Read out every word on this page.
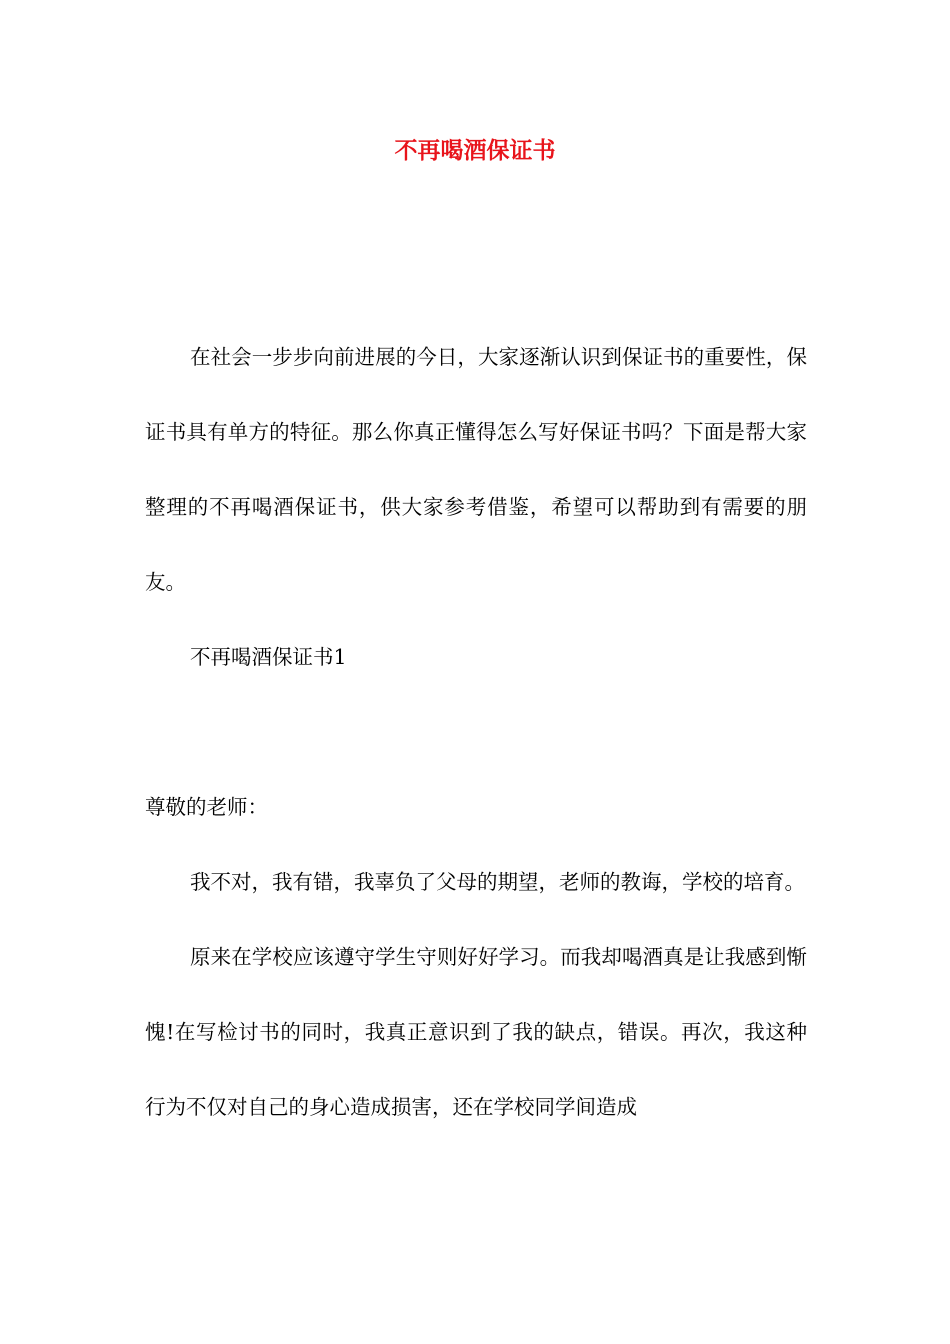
不再喝酒保证书

在社会一步步向前进展的今日，大家逐渐认识到保证书的重要性，保证书具有单方的特征。那么你真正懂得怎么写好保证书吗？下面是帮大家整理的不再喝酒保证书，供大家参考借鉴，希望可以帮助到有需要的朋友。

不再喝酒保证书1

尊敬的老师：

我不对，我有错，我辜负了父母的期望，老师的教诲，学校的培育。

原来在学校应该遵守学生守则好好学习。而我却喝酒真是让我感到惭愧!在写检讨书的同时，我真正意识到了我的缺点，错误。再次，我这种行为不仅对自己的身心造成损害，还在学校同学间造成
